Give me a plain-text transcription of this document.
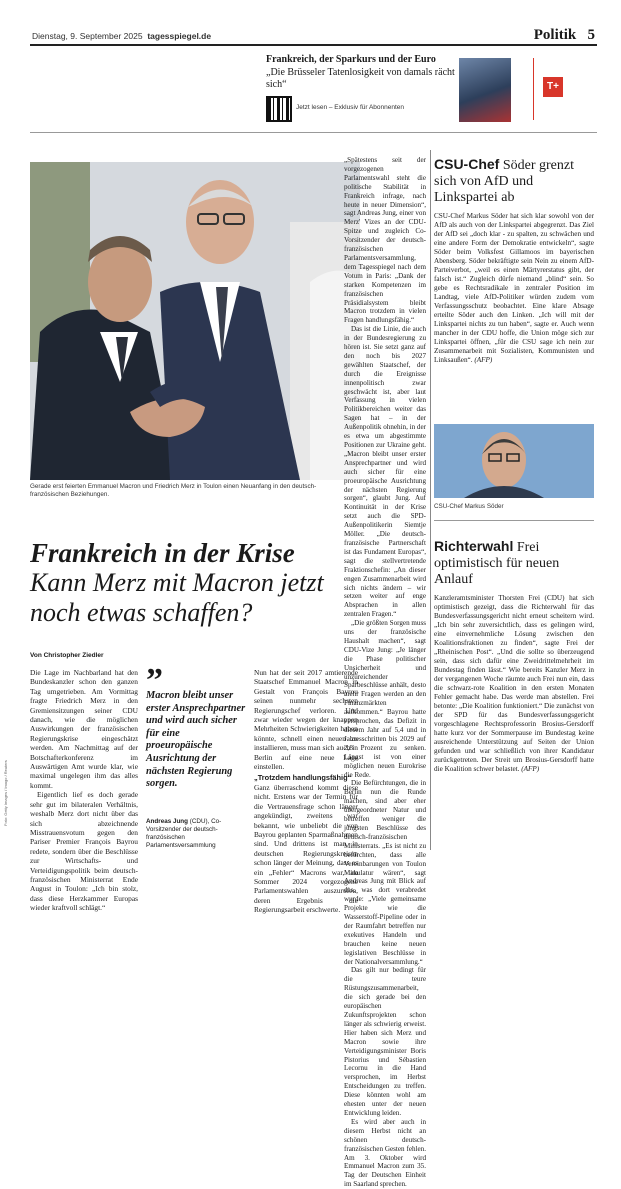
Dienstag, 9. September 2025 tagesspiegel.de	Politik 5
Frankreich, der Sparkurs und der Euro
„Die Brüsseler Tatenlosigkeit von damals rächt sich“
Jetzt lesen – Exklusiv für Abonnenten
T+
Gerade erst feierten Emmanuel Macron und Friedrich Merz in Toulon einen Neuanfang in den deutsch-französischen Beziehungen.
Frankreich in der Krise
Kann Merz mit Macron jetzt noch etwas schaffen?
Von Christopher Ziedler

Die Lage im Nachbarland hat den Bundeskanzler schon den ganzen Tag umgetrieben. Am Vormittag fragte Friedrich Merz in den Gremiensitzungen seiner CDU danach, wie die möglichen Auswirkungen der französischen Regierungskrise eingeschätzt werden. Am Nachmittag auf der Botschafterkonferenz im Auswärtigen Amt wurde klar, wie maximal ungelegen ihm das alles kommt.

Eigentlich lief es doch gerade sehr gut im bilateralen Verhältnis, weshalb Merz dort nicht über das sich abzeichnende Misstrauensvotum gegen den Pariser Premier François Bayrou redete, sondern über die Beschlüsse zur Wirtschafts- und Verteidigungspolitik beim deutsch-französischen Ministerrat Ende August in Toulon: „Ich bin stolz, dass diese Herzkammer Europas wieder kraftvoll schlägt.“

”
Macron bleibt unser erster Ansprechpartner und wird auch sicher für eine proeuropäische Ausrichtung der nächsten Regierung sorgen.
Andreas Jung (CDU), Co-Vorsitzender der deutsch-französischen Parlamentsversammlung

Nun hat der seit 2017 amtierende Staatschef Emmanuel Macron in Gestalt von François Bayrou seinen nunmehr sechsten Regierungschef verloren. Und zwar wieder wegen der knappen Mehrheiten Schwierigkeiten haben könnte, schnell einen neuen zu installieren, muss man sich auch in Berlin auf eine neue Lage einstellen.

„Trotzdem handlungsfähig“

Ganz überraschend kommt diese nicht. Erstens war der Termin für die Vertrauensfrage schon länger angekündigt, zweitens war bekannt, wie unbeliebt die von Bayrou geplanten Sparmaßnahmen sind. Und drittens ist man in deutschen Regierungskreisen schon länger der Meinung, dass es ein „Fehler“ Macrons war, im Sommer 2024 vorgezogene Parlamentswahlen auszurufen, deren Ergebnis die Regierungsarbeit erschwerte.

„Spätestens seit der vorgezogenen Parlamentswahl steht die politische Stabilität in Frankreich infrage, nach heute in neuer Dimension“, sagt Andreas Jung, einer von Merz' Vizes an der CDU-Spitze und zugleich Co-Vorsitzender der deutsch-französischen Parlamentsversammlung, dem Tagesspiegel nach dem Votum in Paris: „Dank der starken Kompetenzen im französischen Präsidialsystem bleibt Macron trotzdem in vielen Fragen handlungsfähig.“

Das ist die Linie, die auch in der Bundesregierung zu hören ist. Sie setzt ganz auf den noch bis 2027 gewählten Staatschef, der durch die Ereignisse innenpolitisch zwar geschwächt ist, aber laut Verfassung in vielen Politikbereichen weiter das Sagen hat – in der Außenpolitik ohnehin, in der es etwa um abgestimmte Positionen zur Ukraine geht. „Macron bleibt unser erster Ansprechpartner und wird auch sicher für eine proeuropäische Ausrichtung der nächsten Regierung sorgen“, glaubt Jung. Auf Kontinuität in der Krise setzt auch die SPD-Außenpolitikerin Siemtje Möller. „Die deutsch-französische Partnerschaft ist das Fundament Europas“, sagt die stellvertretende Fraktionschefin: „An dieser engen Zusammenarbeit wird sich nichts ändern – wir setzen weiter auf enge Absprachen in allen zentralen Fragen.“

„Die größten Sorgen muss uns der französische Haushalt machen“, sagt CDU-Vize Jung: „Je länger die Phase politischer Unsicherheit und unzureichender Sparbeschlüsse anhält, desto mehr Fragen werden an den Finanzmärkten aufkommen.“ Bayrou hatte versprochen, das Defizit in diesem Jahr auf 5,4 und in Jahresschritten bis 2029 auf 2,8 Prozent zu senken. Längst ist von einer möglichen neuen Eurokrise die Rede.

Die Befürchtungen, die in Berlin nun die Runde machen, sind aber eher übergeordneter Natur und betreffen weniger die jüngsten Beschlüsse des deutsch-französischen Ministerrats. „Es ist nicht zu befürchten, dass alle Vereinbarungen von Toulon Makulatur wären“, sagt Andreas Jung mit Blick auf das, was dort verabredet wurde: „Viele gemeinsame Projekte wie die Wasserstoff-Pipeline oder in der Raumfahrt betreffen nur exekutives Handeln und brauchen keine neuen legislativen Beschlüsse in der Nationalversammlung.“

Das gilt nur bedingt für die teure Rüstungszusammenarbeit, die sich gerade bei den europäischen Zukunftsprojekten schon länger als schwierig erweist. Hier haben sich Merz und Macron sowie ihre Verteidigungsminister Boris Pistorius und Sébastien Lecornu in die Hand versprochen, im Herbst Entscheidungen zu treffen. Diese könnten wohl am ehesten unter der neuen Entwicklung leiden.

Es wird aber auch in diesem Herbst nicht an schönen deutsch-französischen Gesten fehlen. Am 3. Oktober wird Emmanuel Macron zum 35. Tag der Deutschen Einheit im Saarland sprechen.

Foto: Getty Images / Imago / Reuters
CSU-Chef Söder grenzt sich von AfD und Linkspartei ab

CSU-Chef Markus Söder hat sich klar sowohl von der AfD als auch von der Linkspartei abgegrenzt. Das Ziel der AfD sei „doch klar - zu spalten, zu schwächen und eine andere Form der Demokratie entwickeln“, sagte Söder beim Volksfest Gillamoos im bayerischen Abensberg. Söder bekräftigte sein Nein zu einem AfD-Parteiverbot, „weil es einen Märtyrerstatus gibt, der falsch ist.“ Zugleich dürfe niemand „blind“ sein. So gebe es Rechtsradikale in zentraler Position im Landtag, viele AfD-Politiker würden zudem vom Verfassungsschutz beobachtet. Eine klare Absage erteilte Söder auch den Linken. „Ich will mit der Linkspartei nichts zu tun haben“, sagte er. Auch wenn mancher in der CDU hoffe, die Union möge sich zur Linkspartei öffnen, „für die CSU sage ich nein zur Zusammenarbeit mit Sozialisten, Kommunisten und Linksaußen“. (AFP)

CSU-Chef Markus Söder
Richterwahl Frei optimistisch für neuen Anlauf

Kanzleramtsminister Thorsten Frei (CDU) hat sich optimistisch gezeigt, dass die Richterwahl für das Bundesverfassungsgericht nicht erneut scheitern wird. „Ich bin sehr zuversichtlich, dass es gelingen wird, eine einvernehmliche Lösung zwischen den Koalitionsfraktionen zu finden“, sagte Frei der „Rheinischen Post“. „Und die sollte so überzeugend sein, dass sich dafür eine Zweidrittelmehrheit im Bundestag finden lässt.“ Wie bereits Kanzler Merz in der vergangenen Woche räumte auch Frei nun ein, dass die schwarz-rote Koalition in den ersten Monaten Fehler gemacht habe. Das werde man abstellen. Frei betonte: „Die Koalition funktioniert.“ Die zunächst von der SPD für das Bundesverfassungsgericht vorgeschlagene Rechtsprofessorin Brosius-Gersdorff hatte kurz vor der Sommerpause im Bundestag keine ausreichende Unterstützung auf Seiten der Union gefunden und war schließlich von ihrer Kandidatur zurückgetreten. Der Streit um Brosius-Gersdorff hatte die Koalition schwer belastet. (AFP)
